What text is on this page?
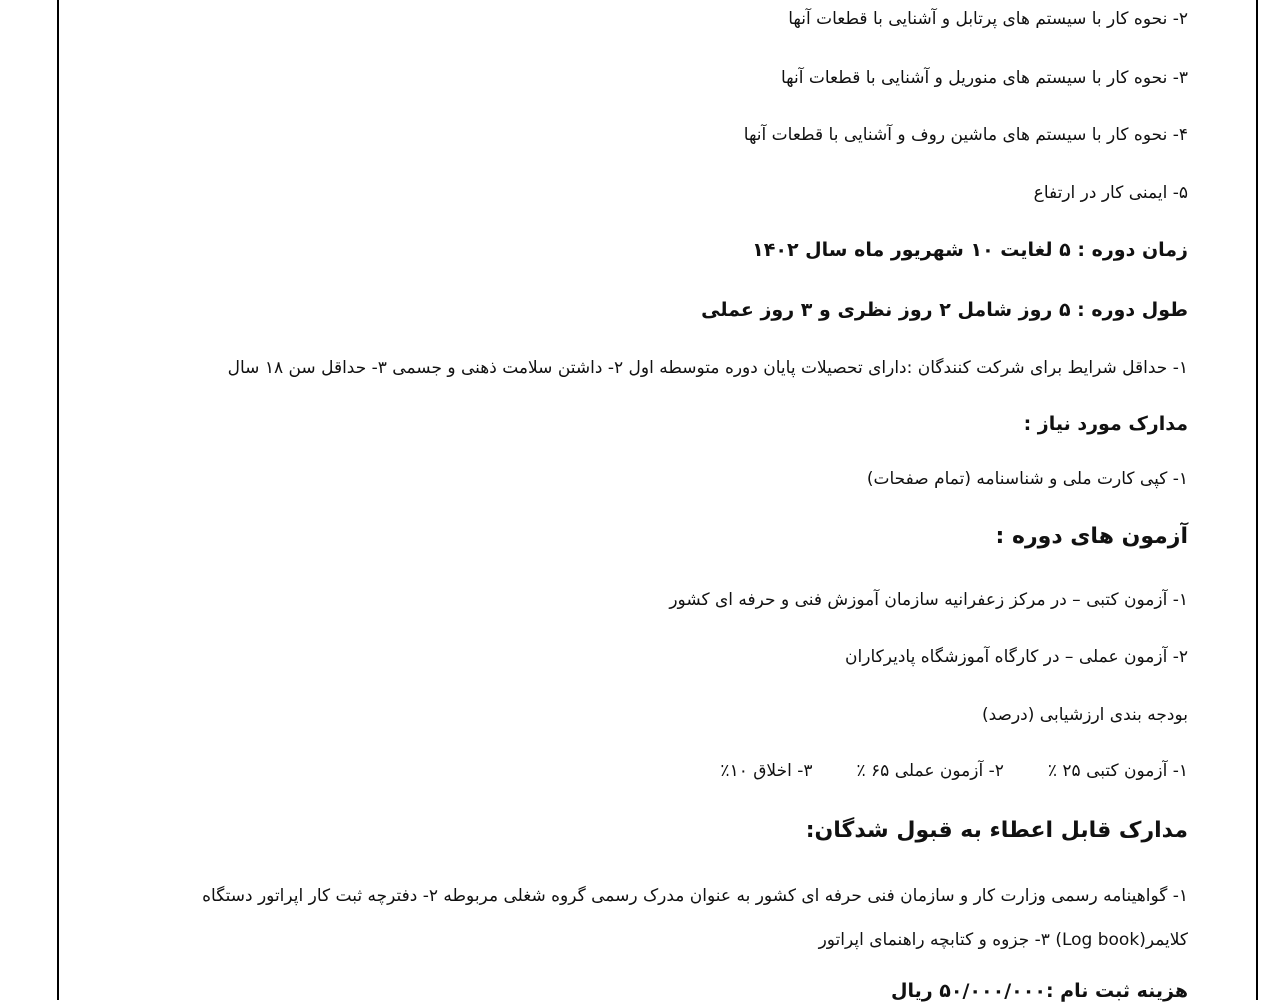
۲- نحوه کار با سیستم های پرتابل و آشنایی با قطعات آنها

۳- نحوه کار با سیستم های منوریل و آشنایی با قطعات آنها

۴- نحوه کار با سیستم های ماشین روف و آشنایی با قطعات آنها

۵- ایمنی کار در ارتفاع

زمان دوره : ۵ لغایت ۱۰ شهریور ماه سال ۱۴۰۲

طول دوره : ۵ روز شامل ۲ روز نظری و ۳ روز عملی

۱- حداقل شرایط برای شرکت کنندگان :دارای تحصیلات پایان دوره متوسطه اول ۲- داشتن سلامت ذهنی و جسمی ۳- حداقل سن ۱۸ سال

مدارک مورد نیاز :

۱- کپی کارت ملی و شناسنامه (تمام صفحات)

آزمون های دوره :

۱- آزمون کتبی – در مرکز زعفرانیه سازمان آموزش فنی و حرفه ای کشور

۲- آزمون عملی – در کارگاه آموزشگاه پادیرکاران

بودجه بندی ارزشیابی (درصد)

۱- آزمون کتبی ۲۵ ٪۲- آزمون عملی ۶۵ ٪۳- اخلاق ۱۰٪

مدارک قابل اعطاء به قبول شدگان:

۱- گواهینامه رسمی وزارت کار و سازمان فنی حرفه ای کشور به عنوان مدرک رسمی گروه شغلی مربوطه ۲- دفترچه ثبت کار اپراتور دستگاه کلایمر(Log book) ۳- جزوه و کتابچه راهنمای اپراتور

هزینه ثبت نام :۵۰/۰۰۰/۰۰۰ ریال
